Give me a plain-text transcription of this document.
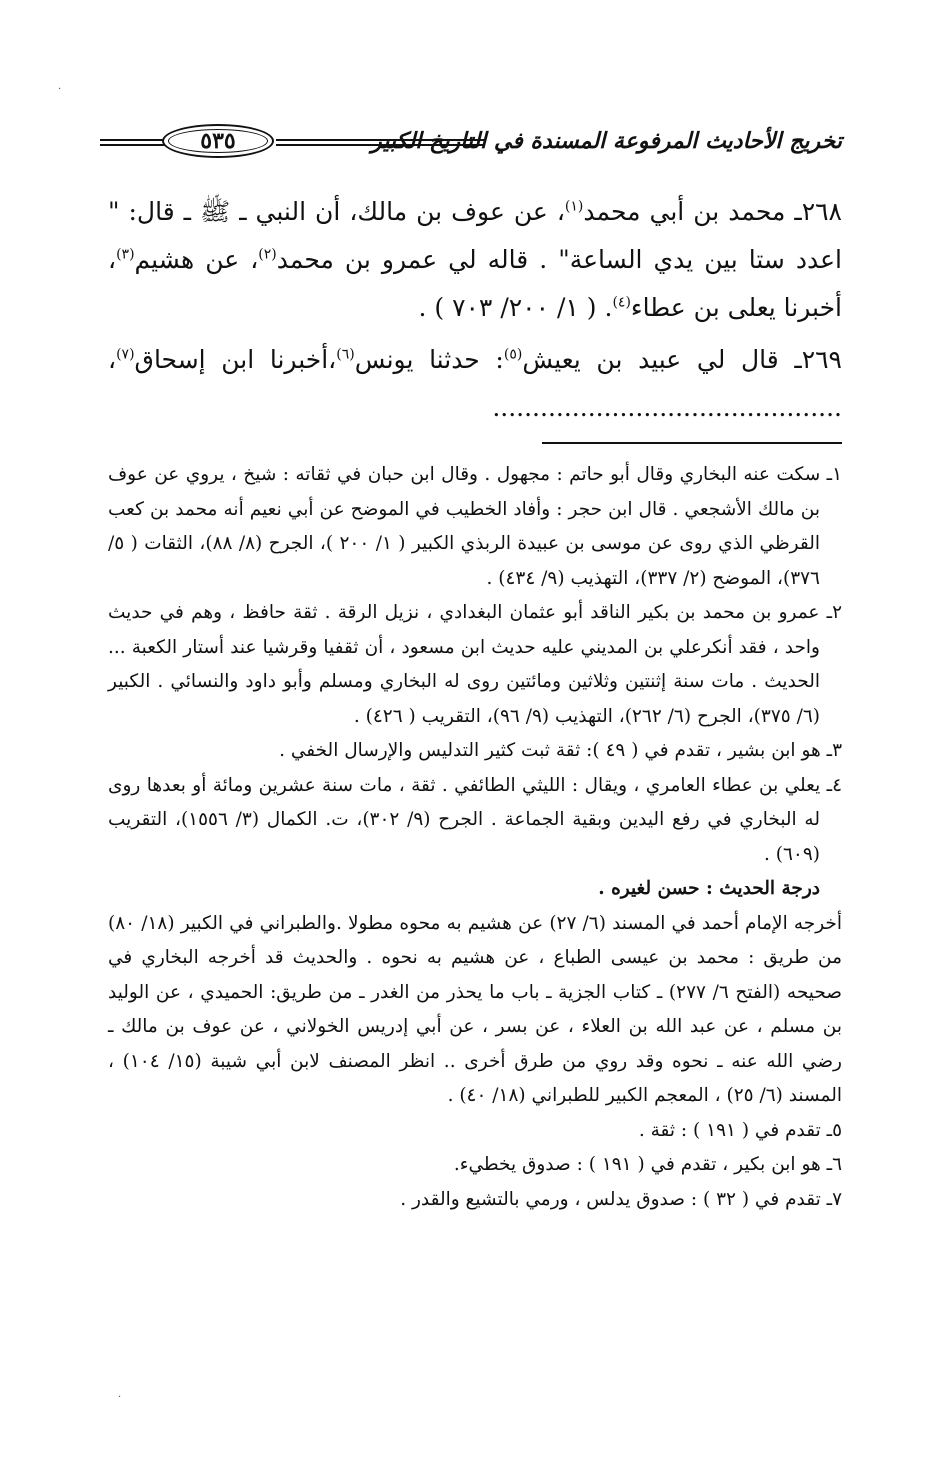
·
تخريج الأحاديث المرفوعة المسندة في التاريخ الكبير
٥٣٥

٢٦٨ـ محمد بن أبي محمد$^{(١)}$، عن عوف بن مالك، أن النبي ـ ﷺ ـ قال: " اعدد ستا بين يدي الساعة" . قاله لي عمرو بن محمد$^{(٢)}$، عن هشيم$^{(٣)}$، أخبرنا يعلى بن عطاء$^{(٤)}$. ( ١/ ٢٠٠/ ٧٠٣ ) .

٢٦٩ـ قال لي عبيد بن يعيش$^{(٥)}$: حدثنا يونس$^{(٦)}$،أخبرنا ابن إسحاق$^{(٧)}$، ............................................

١ـ سكت عنه البخاري وقال أبو حاتم : مجهول . وقال ابن حبان في ثقاته : شيخ ، يروي عن عوف بن مالك الأشجعي . قال ابن حجر : وأفاد الخطيب في الموضح عن أبي نعيم أنه محمد بن كعب القرظي الذي روى عن موسى بن عبيدة الربذي الكبير ( ١/ ٢٠٠ )، الجرح (٨/ ٨٨)، الثقات ( ٥/ ٣٧٦)، الموضح (٢/ ٣٣٧)، التهذيب (٩/ ٤٣٤) .

٢ـ عمرو بن محمد بن بكير الناقد أبو عثمان البغدادي ، نزيل الرقة . ثقة حافظ ، وهم في حديث واحد ، فقد أنكرعلي بن المديني عليه حديث ابن مسعود ، أن ثقفيا وقرشيا عند أستار الكعبة ... الحديث . مات سنة إثنتين وثلاثين ومائتين روى له البخاري ومسلم وأبو داود والنسائي . الكبير (٦/ ٣٧٥)، الجرح (٦/ ٢٦٢)، التهذيب (٩/ ٩٦)، التقريب ( ٤٢٦) .

٣ـ هو ابن بشير ، تقدم في ( ٤٩ ): ثقة ثبت كثير التدليس والإرسال الخفي .

٤ـ يعلي بن عطاء العامري ، ويقال : الليثي الطائفي . ثقة ، مات سنة عشرين ومائة أو بعدها روى له البخاري في رفع اليدين وبقية الجماعة . الجرح (٩/ ٣٠٢)، ت. الكمال (٣/ ١٥٥٦)، التقريب (٦٠٩) .

درجة الحديث : حسن لغيره .

أخرجه الإمام أحمد في المسند (٦/ ٢٧) عن هشيم به محوه مطولا .والطبراني في الكبير (١٨/ ٨٠) من طريق : محمد بن عيسى الطباع ، عن هشيم به نحوه . والحديث قد أخرجه البخاري في صحيحه (الفتح ٦/ ٢٧٧) ـ كتاب الجزية ـ باب ما يحذر من الغدر ـ من طريق: الحميدي ، عن الوليد بن مسلم ، عن عبد الله بن العلاء ، عن بسر ، عن أبي إدريس الخولاني ، عن عوف بن مالك ـ رضي الله عنه ـ نحوه وقد روي من طرق أخرى .. انظر المصنف لابن أبي شيبة (١٥/ ١٠٤) ، المسند (٦/ ٢٥) ، المعجم الكبير للطبراني (١٨/ ٤٠) .

٥ـ تقدم في ( ١٩١ ) : ثقة .

٦ـ هو ابن بكير ، تقدم في ( ١٩١ ) : صدوق يخطيء.

٧ـ تقدم في ( ٣٢ ) : صدوق يدلس ، ورمي بالتشيع والقدر .

·
